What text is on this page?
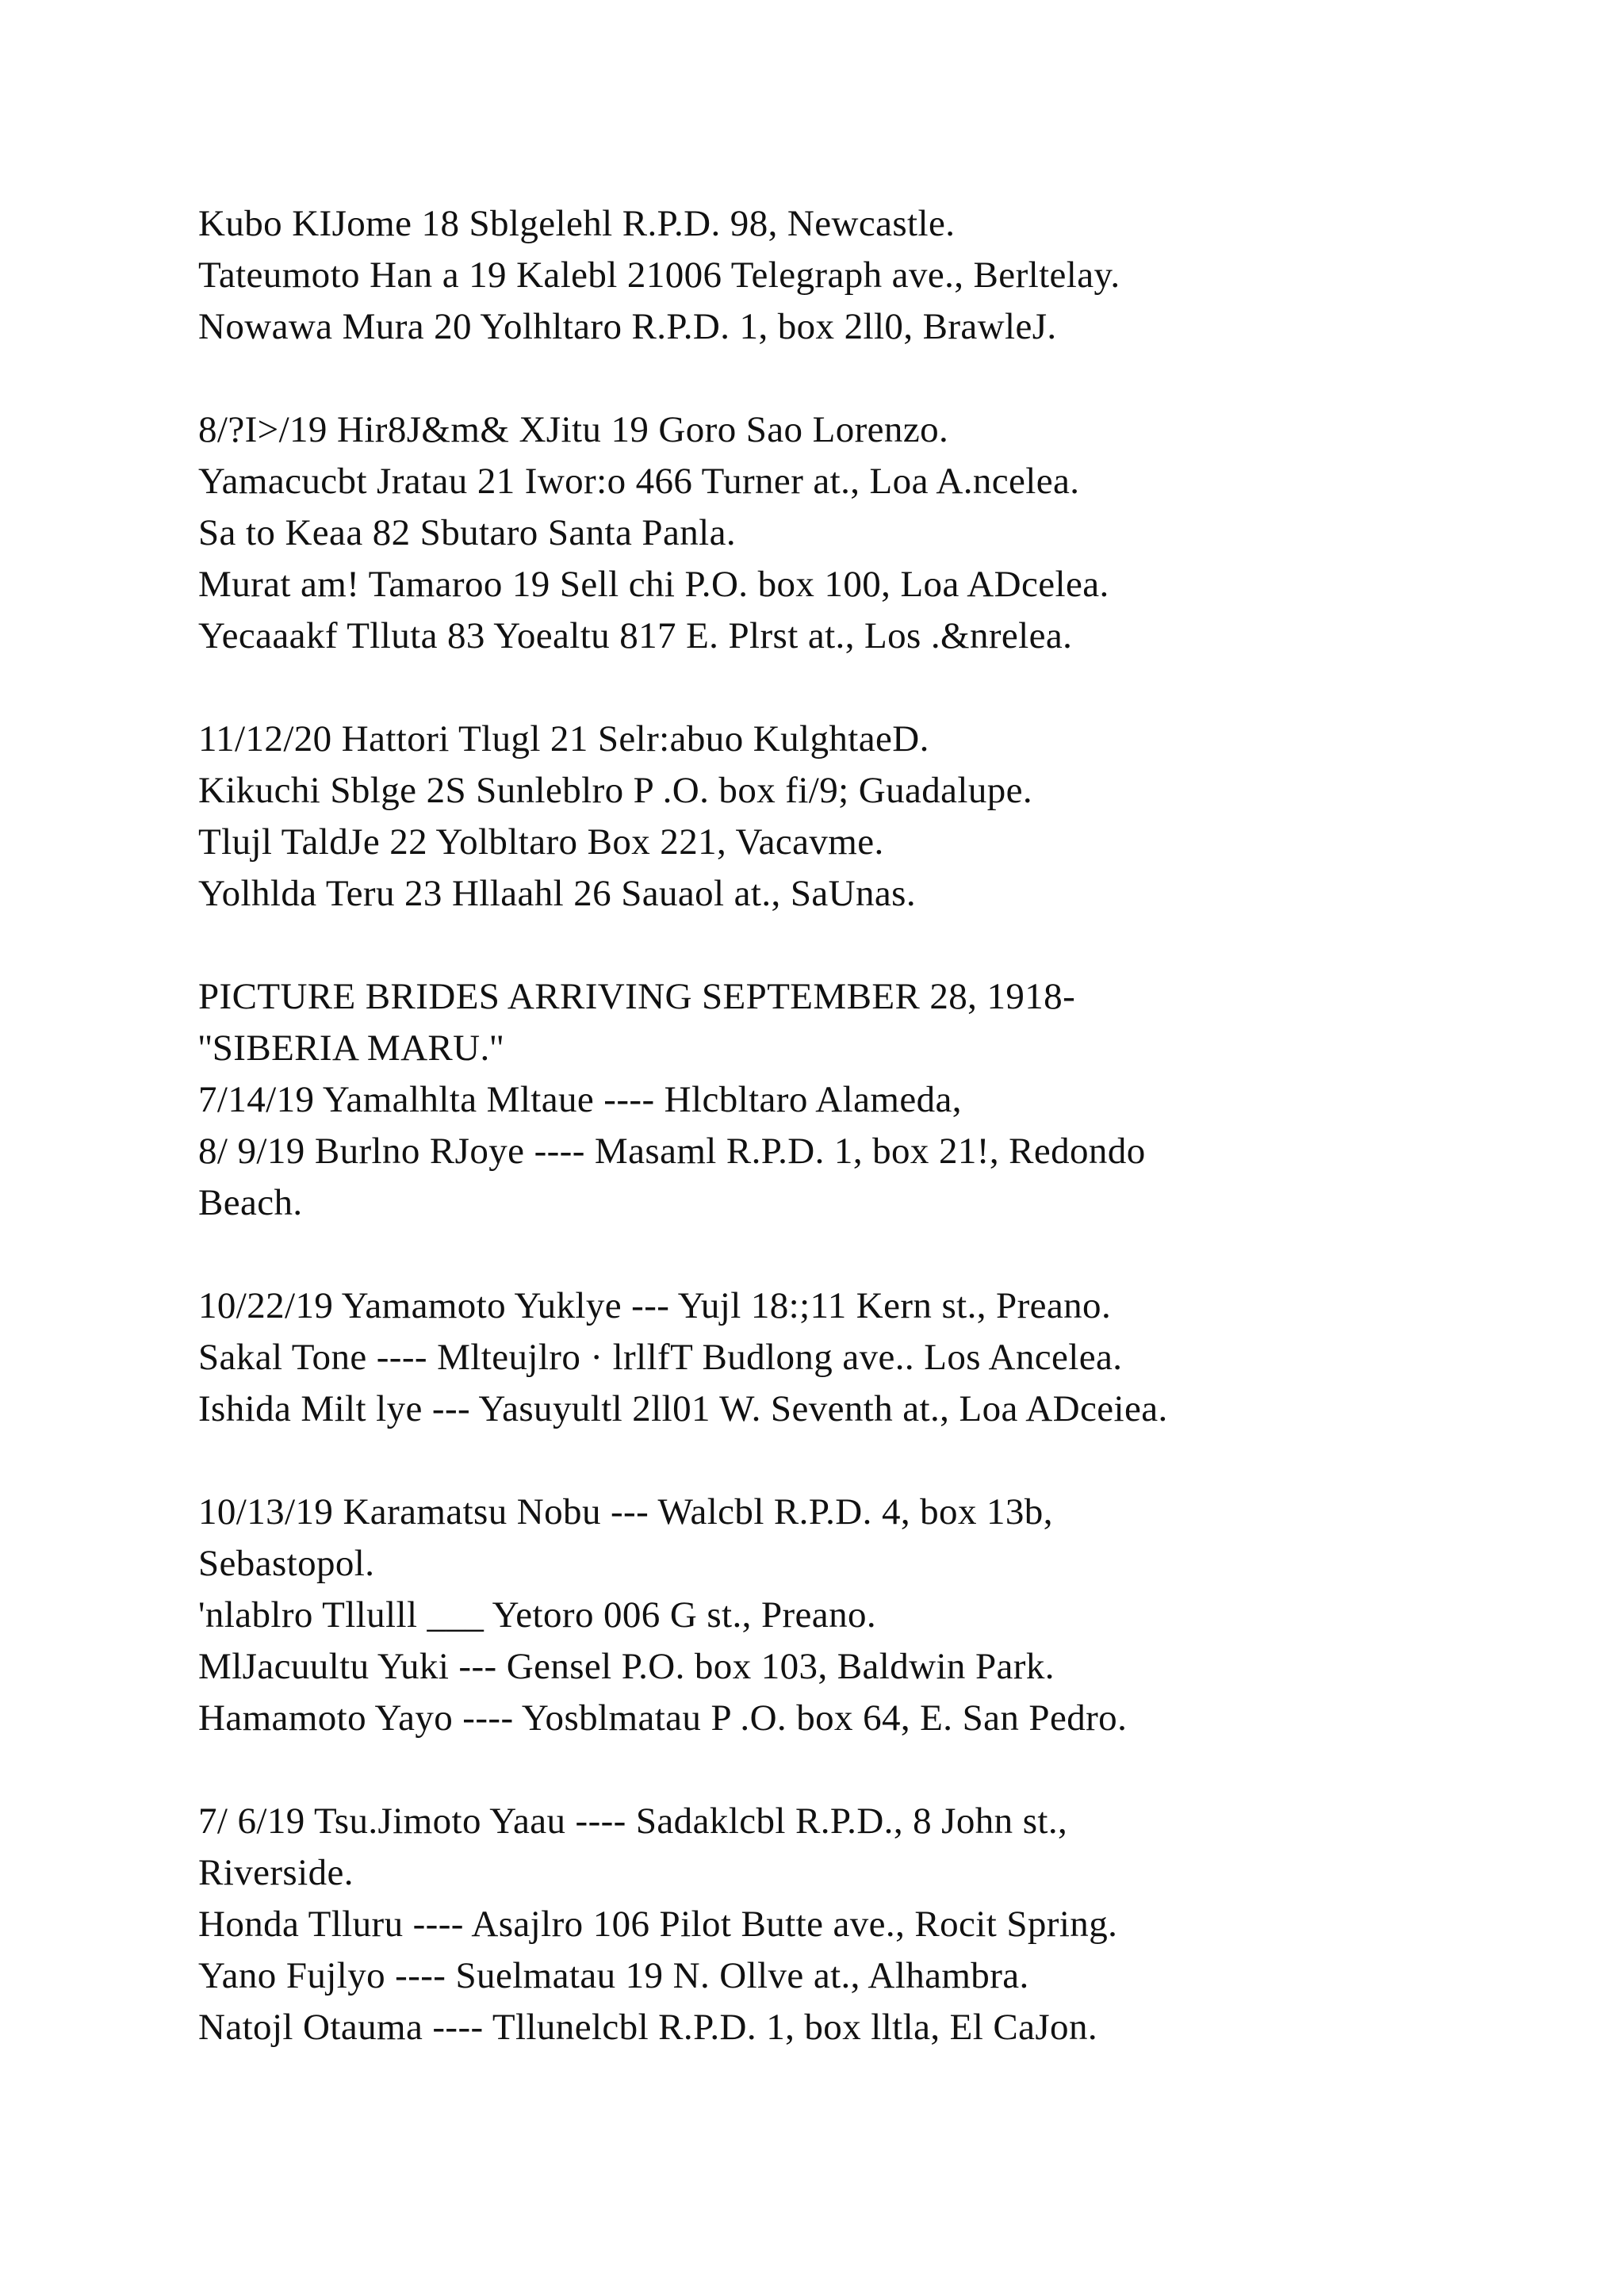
Kubo KIJome 18 Sblgelehl R.P.D. 98, Newcastle.
Tateumoto Han a 19 Kalebl 21006 Telegraph ave., Berltelay.
Nowawa Mura 20 Yolhltaro R.P.D. 1, box 2ll0, BrawleJ.
8/?I>/19 Hir8J&m& XJitu 19 Goro Sao Lorenzo.
Yamacucbt Jratau 21 Iwor:o 466 Turner at., Loa A.ncelea.
Sa to Keaa 82 Sbutaro Santa Panla.
Murat am! Tamaroo 19 Sell chi P.O. box 100, Loa ADcelea.
Yecaaakf Tlluta 83 Yoealtu 817 E. Plrst at., Los .&nrelea.
11/12/20 Hattori Tlugl 21 Selr:abuo KulghtaeD.
Kikuchi Sblge 2S Sunleblro P .O. box fi/9; Guadalupe.
Tlujl TaldJe 22 Yolbltaro Box 221, Vacavme.
Yolhlda Teru 23 Hllaahl 26 Sauaol at., SaUnas.
PICTURE BRIDES ARRIVING SEPTEMBER 28, 1918-
''SIBERIA MARU.''
7/14/19 Yamalhlta Mltaue ---- Hlcbltaro Alameda,
8/ 9/19 Burlno RJoye ---- Masaml R.P.D. 1, box 21!, Redondo
Beach.
10/22/19 Yamamoto Yuklye --- Yujl 18:;11 Kern st., Preano.
Sakal Tone ---- Mlteujlro · lrllfT Budlong ave.. Los Ancelea.
Ishida Milt lye --- Yasuyultl 2ll01 W. Seventh at., Loa ADceiea.
10/13/19 Karamatsu Nobu --- Walcbl R.P.D. 4, box 13b,
Sebastopol.
'nlablro Tllulll ___ Yetoro 006 G st., Preano.
MlJacuultu Yuki --- Gensel P.O. box 103, Baldwin Park.
Hamamoto Yayo ---- Yosblmatau P .O. box 64, E. San Pedro.
7/ 6/19 Tsu.Jimoto Yaau ---- Sadaklcbl R.P.D., 8 John st.,
Riverside.
Honda Tlluru ---- Asajlro 106 Pilot Butte ave., Rocit Spring.
Yano Fujlyo ---- Suelmatau 19 N. Ollve at., Alhambra.
Natojl Otauma ---- Tllunelcbl R.P.D. 1, box lltla, El CaJon.
